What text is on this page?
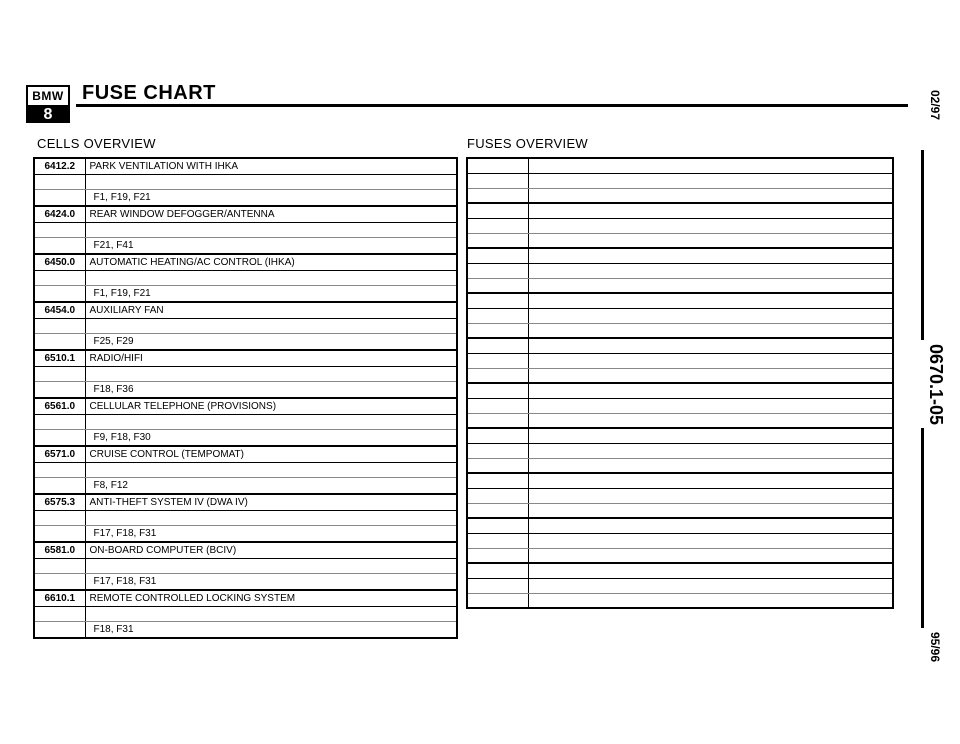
BMW
8
FUSE CHART
CELLS OVERVIEW	FUSES OVERVIEW
6412.2	PARK VENTILATION WITH IHKA

	F1, F19, F21
6424.0	REAR WINDOW DEFOGGER/ANTENNA

	F21, F41
6450.0	AUTOMATIC HEATING/AC CONTROL (IHKA)

	F1, F19, F21
6454.0	AUXILIARY FAN

	F25, F29
6510.1	RADIO/HIFI

	F18, F36
6561.0	CELLULAR TELEPHONE (PROVISIONS)

	F9, F18, F30
6571.0	CRUISE CONTROL (TEMPOMAT)

	F8, F12
6575.3	ANTI-THEFT SYSTEM IV (DWA IV)

	F17, F18, F31
6581.0	ON-BOARD COMPUTER (BCIV)

	F17, F18, F31
6610.1	REMOTE CONTROLLED LOCKING SYSTEM

	F18, F31

02/97
0670.1-05
95/96
